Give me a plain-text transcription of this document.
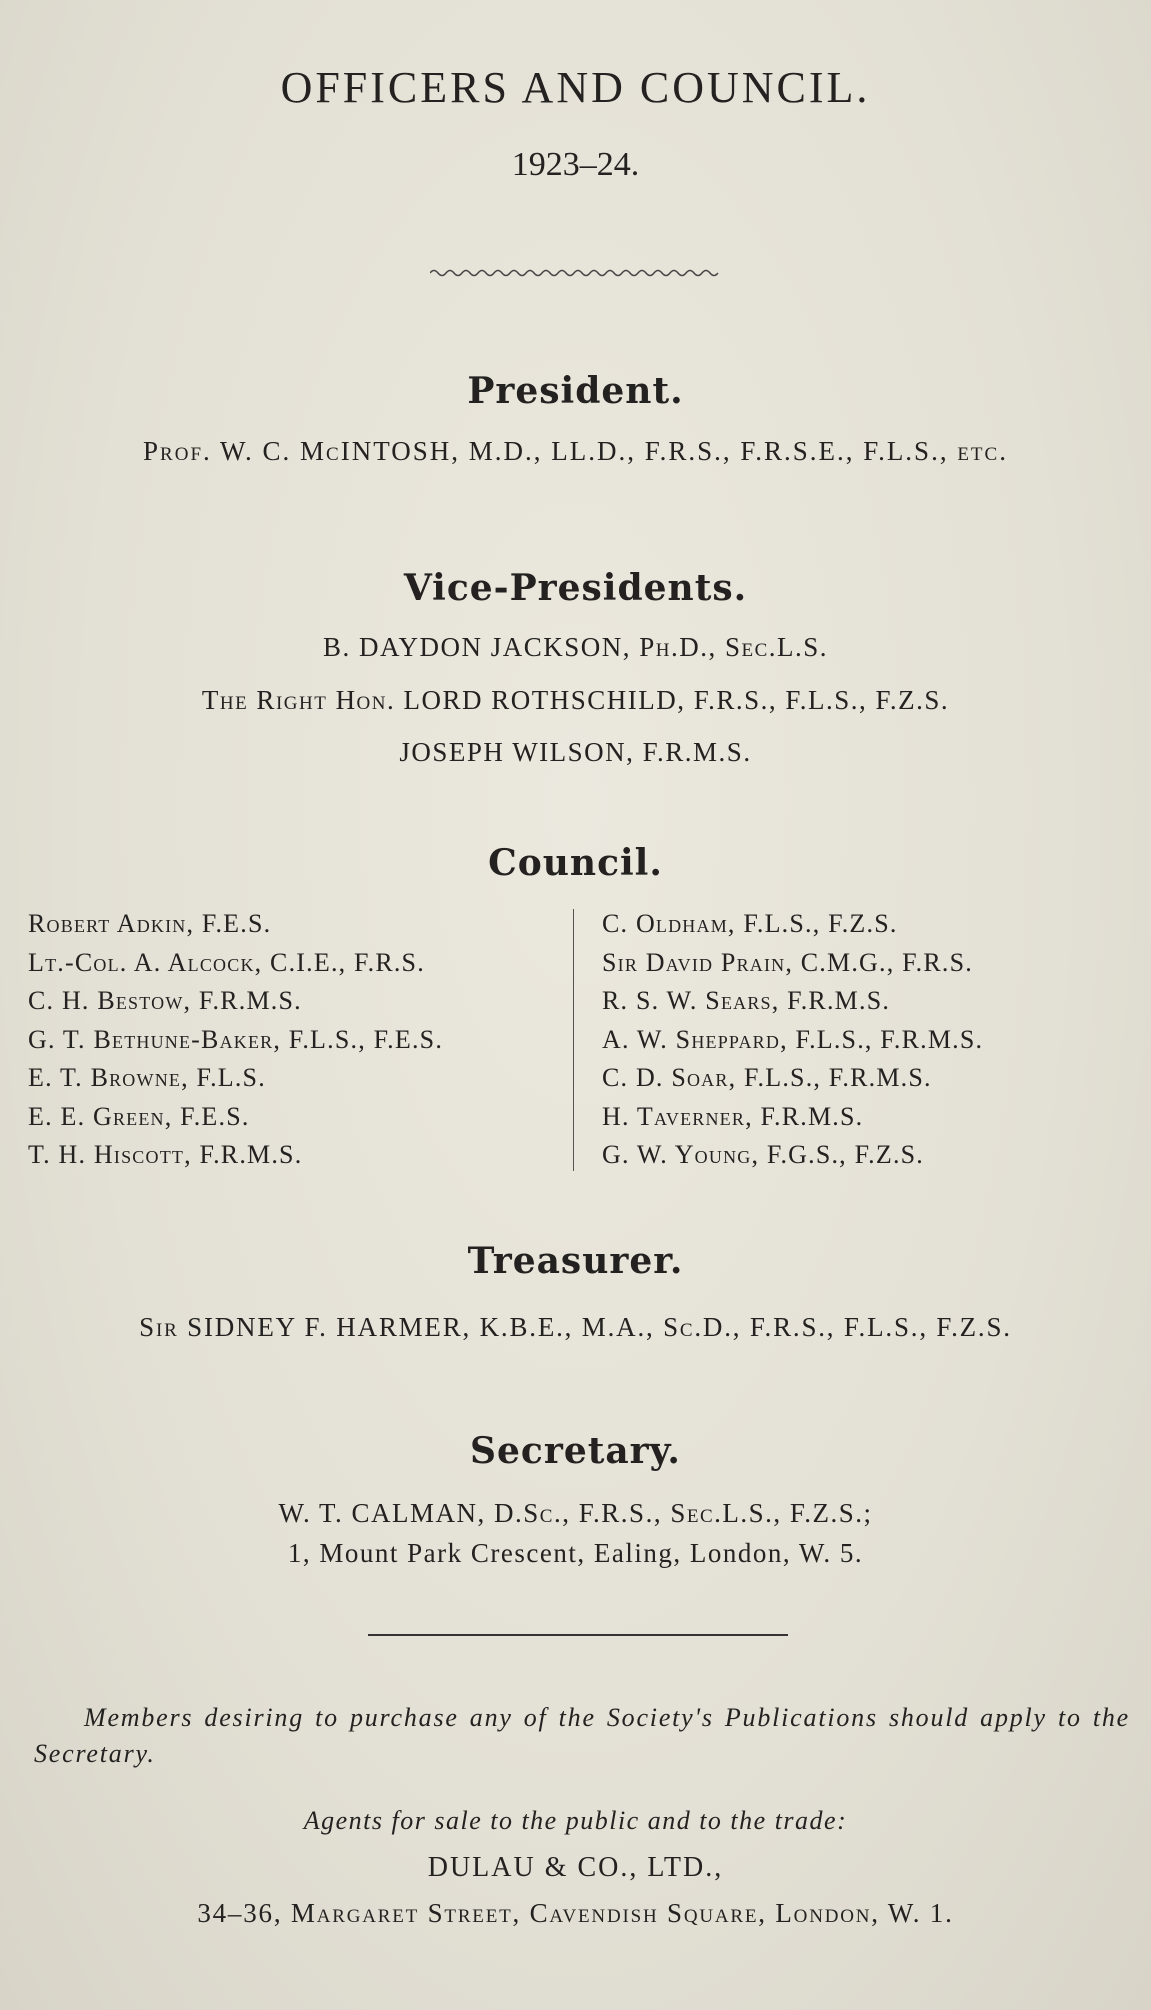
OFFICERS AND COUNCIL.
1923–24.
President.
Prof. W. C. McINTOSH, M.D., LL.D., F.R.S., F.R.S.E., F.L.S., etc.
Vice-Presidents.
B. DAYDON JACKSON, Ph.D., Sec.L.S.
The Right Hon. LORD ROTHSCHILD, F.R.S., F.L.S., F.Z.S.
JOSEPH WILSON, F.R.M.S.
Council.
Robert Adkin, F.E.S.
Lt.-Col. A. Alcock, C.I.E., F.R.S.
C. H. Bestow, F.R.M.S.
G. T. Bethune-Baker, F.L.S., F.E.S.
E. T. Browne, F.L.S.
E. E. Green, F.E.S.
T. H. Hiscott, F.R.M.S.
C. Oldham, F.L.S., F.Z.S.
Sir David Prain, C.M.G., F.R.S.
R. S. W. Sears, F.R.M.S.
A. W. Sheppard, F.L.S., F.R.M.S.
C. D. Soar, F.L.S., F.R.M.S.
H. Taverner, F.R.M.S.
G. W. Young, F.G.S., F.Z.S.
Treasurer.
Sir SIDNEY F. HARMER, K.B.E., M.A., Sc.D., F.R.S., F.L.S., F.Z.S.
Secretary.
W. T. CALMAN, D.Sc., F.R.S., Sec.L.S., F.Z.S.;
1, Mount Park Crescent, Ealing, London, W. 5.
Members desiring to purchase any of the Society's Publications should apply to the Secretary.
Agents for sale to the public and to the trade:
DULAU & CO., LTD.,
34–36, Margaret Street, Cavendish Square, London, W. 1.
